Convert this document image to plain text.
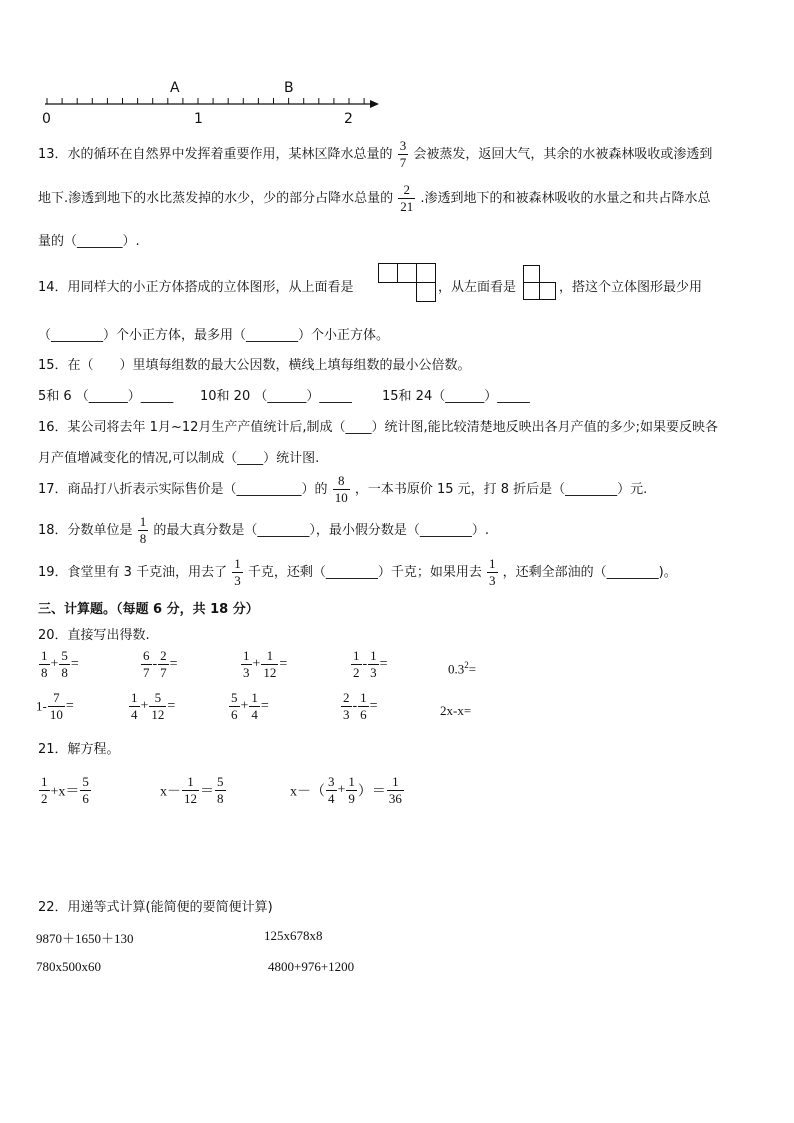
A	B
0	1	2
13．水的循环在自然界中发挥着重要作用，某林区降水总量的 $\frac{3}{7}$ 会被蒸发，返回大气，其余的水被森林吸收或渗透到
地下.渗透到地下的水比蒸发掉的水少，少的部分占降水总量的 $\frac{2}{21}$ .渗透到地下的和被森林吸收的水量之和共占降水总
量的（_______）.
14．用同样大的小正方体搭成的立体图形，从上面看是	，从左面看是	，搭这个立体图形最少用
（________）个小正方体，最多用（________）个小正方体。
15．在（　　）里填每组数的最大公因数，横线上填每组数的最小公倍数。
5和 6 （______）_____ 10和 20 （______）_____ 15和 24（______）_____
16．某公司将去年 1月~12月生产产值统计后,制成（____）统计图,能比较清楚地反映出各月产值的多少;如果要反映各
月产值增减变化的情况,可以制成（____）统计图.
17．商品打八折表示实际售价是（__________）的 $\frac{8}{10}$ ，一本书原价 15 元，打 8 折后是（________）元.
18．分数单位是 $\frac{1}{8}$ 的最大真分数是（________），最小假分数是（________）.
19．食堂里有 3 千克油，用去了 $\frac{1}{3}$ 千克，还剩（________）千克；如果用去 $\frac{1}{3}$ ，还剩全部油的（________)。
三、计算题。（每题 6 分，共 18 分）
20．直接写出得数.
$\frac{1}{8} + \frac{5}{8}$ =	$\frac{6}{7} - \frac{2}{7}$ =	$\frac{1}{3} + \frac{1}{12}$ =	$\frac{1}{2} - \frac{1}{3}$ =	$0.3^2=$
$1- \frac{7}{10}$ =	$\frac{1}{4} + \frac{5}{12}$ =	$\frac{5}{6} + \frac{1}{4}$ =	$\frac{2}{3} - \frac{1}{6}$ =	2x-x=
21．解方程。
$\frac{1}{2} +x= \frac{5}{6}$	$x- \frac{1}{12} = \frac{5}{8}$	$x-( \frac{3}{4} + \frac{1}{9}$ ）＝ $\frac{1}{36}$
22．用递等式计算(能简便的要简便计算)
9870＋1650＋130	125x678x8
780x500x60	4800+976+1200
